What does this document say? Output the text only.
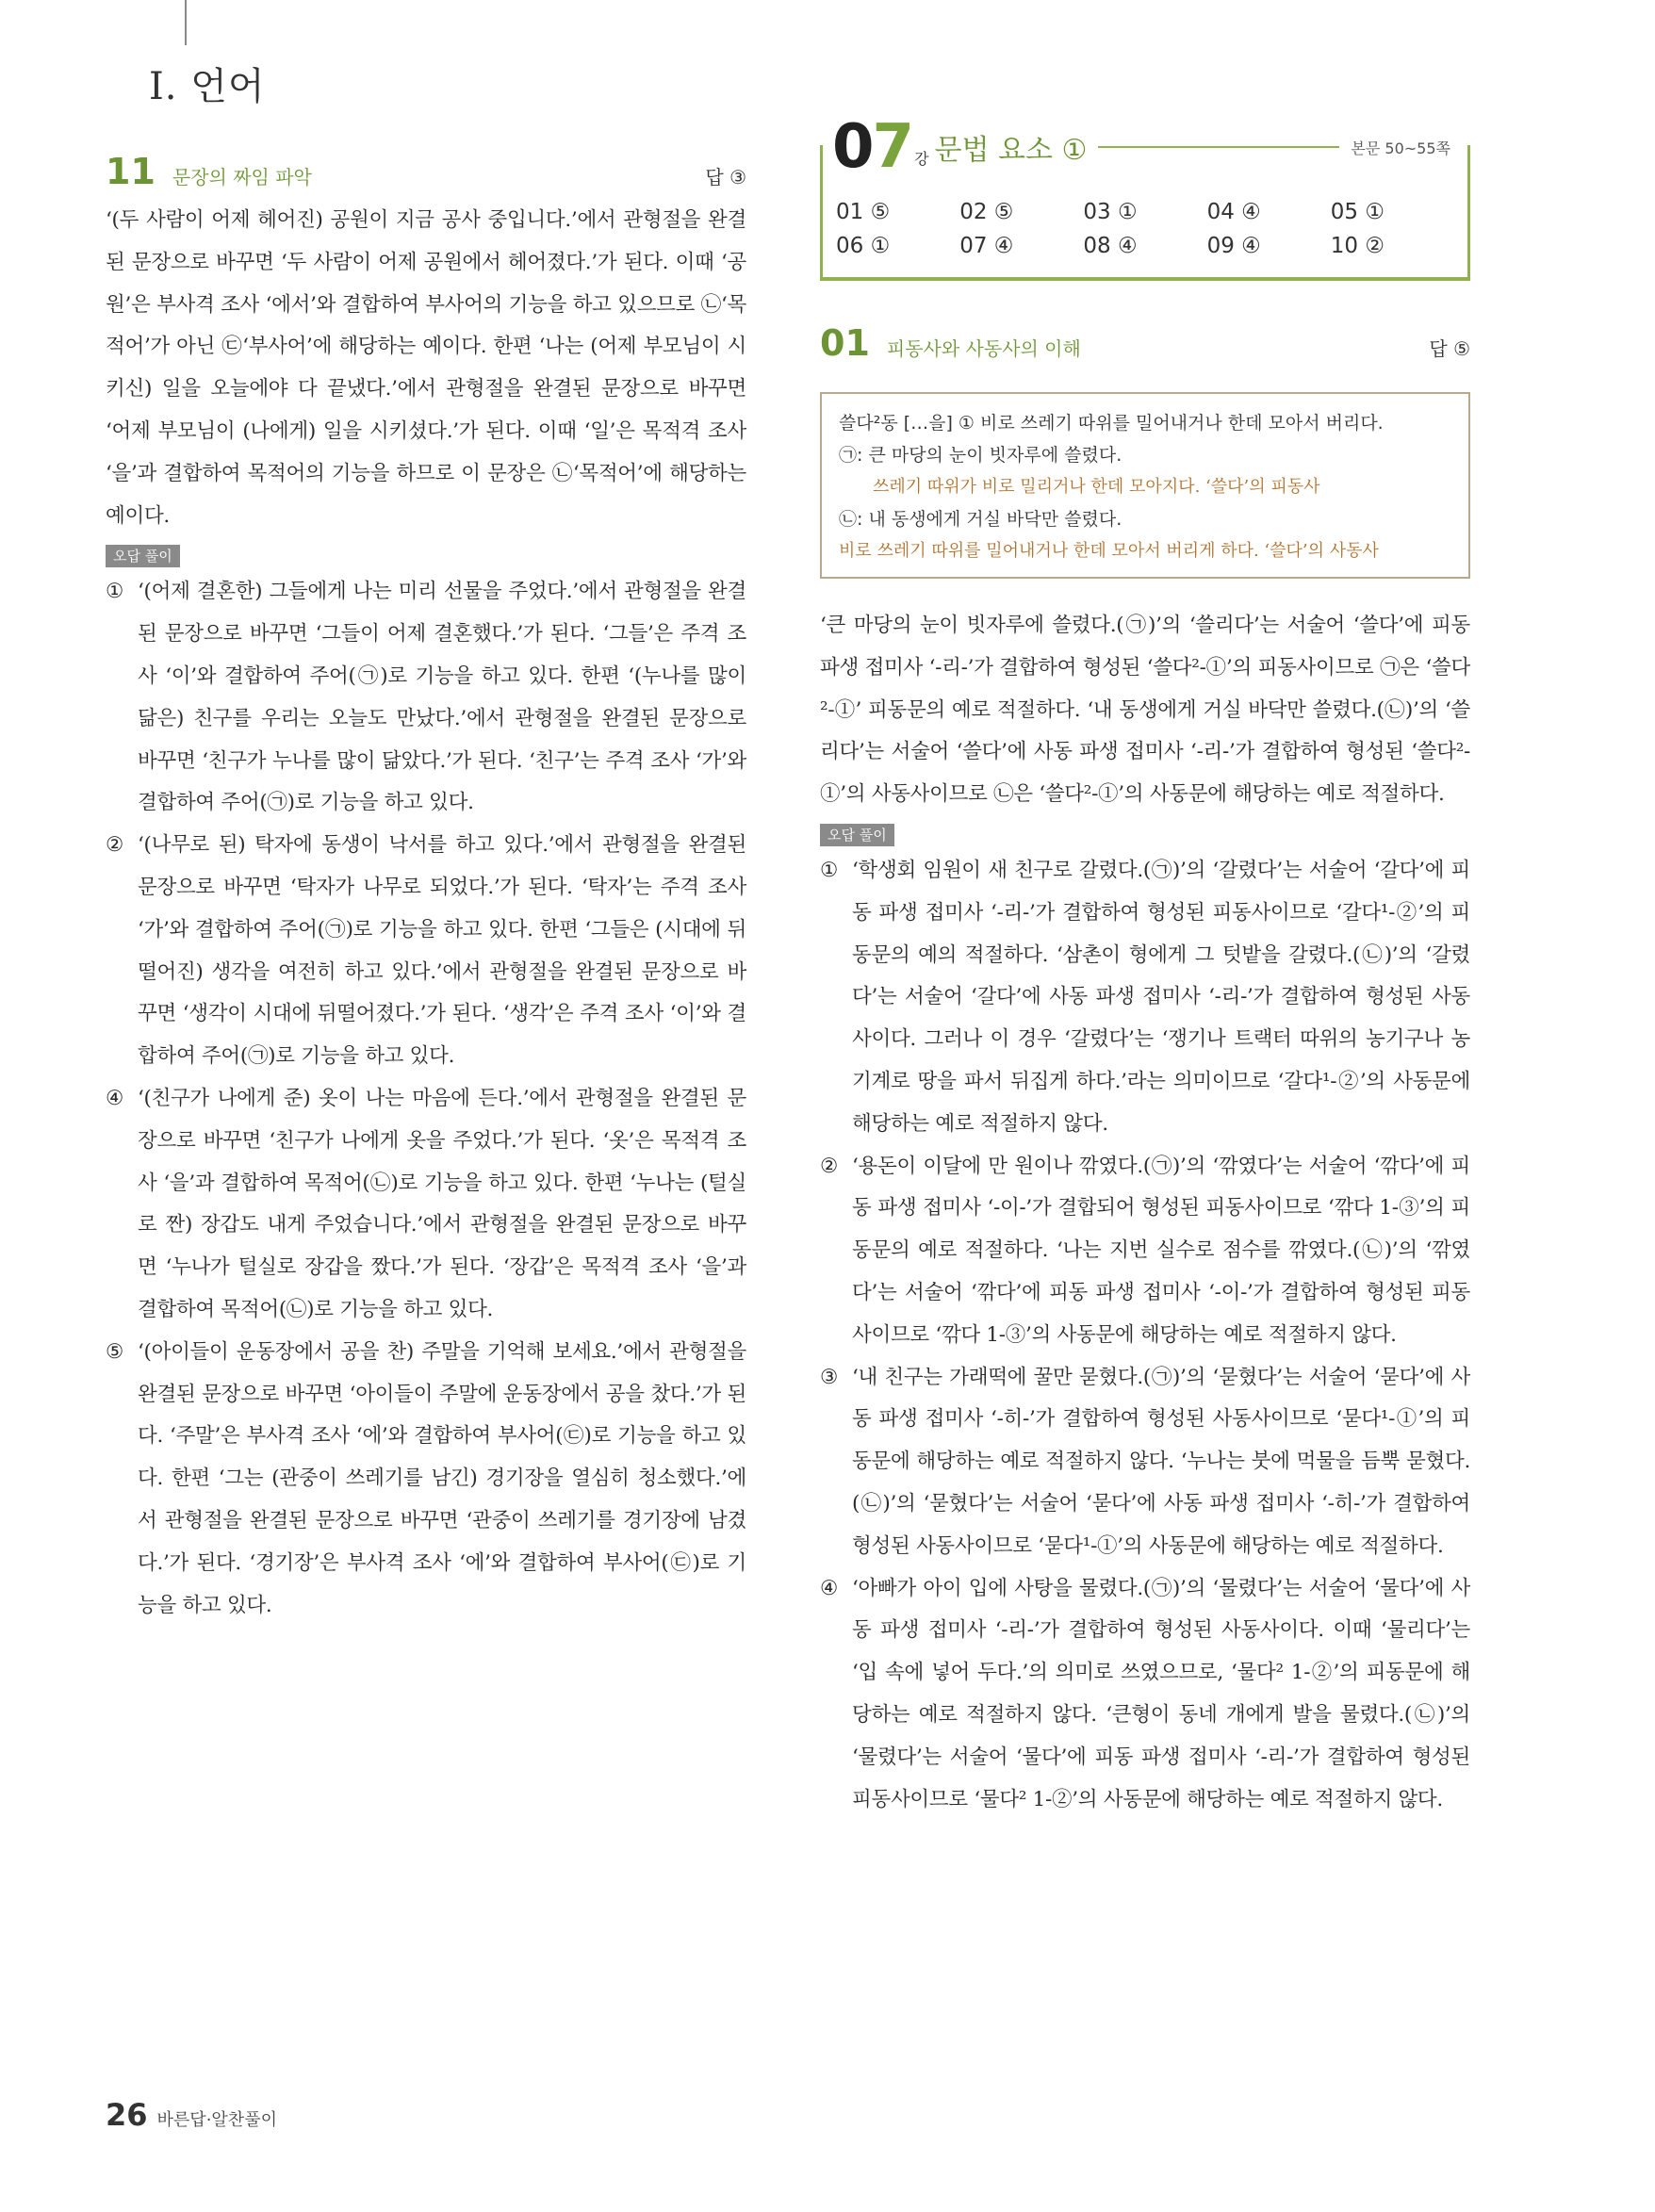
Ⅰ. 언어
11 문장의 짜임 파악	답 ③

‘(두 사람이 어제 헤어진) 공원이 지금 공사 중입니다.’에서 관형절을 완결된 문장으로 바꾸면 ‘두 사람이 어제 공원에서 헤어졌다.’가 된다. 이때 ‘공원’은 부사격 조사 ‘에서’와 결합하여 부사어의 기능을 하고 있으므로 ㉡‘목적어’가 아닌 ㉢‘부사어’에 해당하는 예이다. 한편 ‘나는 (어제 부모님이 시키신) 일을 오늘에야 다 끝냈다.’에서 관형절을 완결된 문장으로 바꾸면 ‘어제 부모님이 (나에게) 일을 시키셨다.’가 된다. 이때 ‘일’은 목적격 조사 ‘을’과 결합하여 목적어의 기능을 하므로 이 문장은 ㉡‘목적어’에 해당하는 예이다.

오답 풀이
① ‘(어제 결혼한) 그들에게 나는 미리 선물을 주었다.’에서 관형절을 완결된 문장으로 바꾸면 ‘그들이 어제 결혼했다.’가 된다. ‘그들’은 주격 조사 ‘이’와 결합하여 주어(㉠)로 기능을 하고 있다. 한편 ‘(누나를 많이 닮은) 친구를 우리는 오늘도 만났다.’에서 관형절을 완결된 문장으로 바꾸면 ‘친구가 누나를 많이 닮았다.’가 된다. ‘친구’는 주격 조사 ‘가’와 결합하여 주어(㉠)로 기능을 하고 있다.

② ‘(나무로 된) 탁자에 동생이 낙서를 하고 있다.’에서 관형절을 완결된 문장으로 바꾸면 ‘탁자가 나무로 되었다.’가 된다. ‘탁자’는 주격 조사 ‘가’와 결합하여 주어(㉠)로 기능을 하고 있다. 한편 ‘그들은 (시대에 뒤떨어진) 생각을 여전히 하고 있다.’에서 관형절을 완결된 문장으로 바꾸면 ‘생각이 시대에 뒤떨어졌다.’가 된다. ‘생각’은 주격 조사 ‘이’와 결합하여 주어(㉠)로 기능을 하고 있다.

④ ‘(친구가 나에게 준) 옷이 나는 마음에 든다.’에서 관형절을 완결된 문장으로 바꾸면 ‘친구가 나에게 옷을 주었다.’가 된다. ‘옷’은 목적격 조사 ‘을’과 결합하여 목적어(㉡)로 기능을 하고 있다. 한편 ‘누나는 (털실로 짠) 장갑도 내게 주었습니다.’에서 관형절을 완결된 문장으로 바꾸면 ‘누나가 털실로 장갑을 짰다.’가 된다. ‘장갑’은 목적격 조사 ‘을’과 결합하여 목적어(㉡)로 기능을 하고 있다.

⑤ ‘(아이들이 운동장에서 공을 찬) 주말을 기억해 보세요.’에서 관형절을 완결된 문장으로 바꾸면 ‘아이들이 주말에 운동장에서 공을 찼다.’가 된다. ‘주말’은 부사격 조사 ‘에’와 결합하여 부사어(㉢)로 기능을 하고 있다. 한편 ‘그는 (관중이 쓰레기를 남긴) 경기장을 열심히 청소했다.’에서 관형절을 완결된 문장으로 바꾸면 ‘관중이 쓰레기를 경기장에 남겼다.’가 된다. ‘경기장’은 부사격 조사 ‘에’와 결합하여 부사어(㉢)로 기능을 하고 있다.

07 강 문법 요소 ①	본문 50~55쪽
01 ⑤	02 ⑤	03 ①	04 ④	05 ①
06 ①	07 ④	08 ④	09 ④	10 ②
01 피동사와 사동사의 이해	답 ⑤
쓸다²동 […을] ① 비로 쓰레기 따위를 밀어내거나 한데 모아서 버리다.
㉠: 큰 마당의 눈이 빗자루에 쓸렸다.
쓰레기 따위가 비로 밀리거나 한데 모아지다. ‘쓸다’의 피동사
㉡: 내 동생에게 거실 바닥만 쓸렸다.
비로 쓰레기 따위를 밀어내거나 한데 모아서 버리게 하다. ‘쓸다’의 사동사

‘큰 마당의 눈이 빗자루에 쓸렸다.(㉠)’의 ‘쓸리다’는 서술어 ‘쓸다’에 피동 파생 접미사 ‘-리-’가 결합하여 형성된 ‘쓸다²-①’의 피동사이므로 ㉠은 ‘쓸다²-①’ 피동문의 예로 적절하다. ‘내 동생에게 거실 바닥만 쓸렸다.(㉡)’의 ‘쓸리다’는 서술어 ‘쓸다’에 사동 파생 접미사 ‘-리-’가 결합하여 형성된 ‘쓸다²-①’의 사동사이므로 ㉡은 ‘쓸다²-①’의 사동문에 해당하는 예로 적절하다.

오답 풀이
① ‘학생회 임원이 새 친구로 갈렸다.(㉠)’의 ‘갈렸다’는 서술어 ‘갈다’에 피동 파생 접미사 ‘-리-’가 결합하여 형성된 피동사이므로 ‘갈다¹-②’의 피동문의 예의 적절하다. ‘삼촌이 형에게 그 텃밭을 갈렸다.(㉡)’의 ‘갈렸다’는 서술어 ‘갈다’에 사동 파생 접미사 ‘-리-’가 결합하여 형성된 사동사이다. 그러나 이 경우 ‘갈렸다’는 ‘쟁기나 트랙터 따위의 농기구나 농기계로 땅을 파서 뒤집게 하다.’라는 의미이므로 ‘갈다¹-②’의 사동문에 해당하는 예로 적절하지 않다.

② ‘용돈이 이달에 만 원이나 깎였다.(㉠)’의 ‘깎였다’는 서술어 ‘깎다’에 피동 파생 접미사 ‘-이-’가 결합되어 형성된 피동사이므로 ‘깎다 1-③’의 피동문의 예로 적절하다. ‘나는 지번 실수로 점수를 깎였다.(㉡)’의 ‘깎였다’는 서술어 ‘깎다’에 피동 파생 접미사 ‘-이-’가 결합하여 형성된 피동사이므로 ‘깎다 1-③’의 사동문에 해당하는 예로 적절하지 않다.

③ ‘내 친구는 가래떡에 꿀만 묻혔다.(㉠)’의 ‘묻혔다’는 서술어 ‘묻다’에 사동 파생 접미사 ‘-히-’가 결합하여 형성된 사동사이므로 ‘묻다¹-①’의 피동문에 해당하는 예로 적절하지 않다. ‘누나는 붓에 먹물을 듬뿍 묻혔다.(㉡)’의 ‘묻혔다’는 서술어 ‘묻다’에 사동 파생 접미사 ‘-히-’가 결합하여 형성된 사동사이므로 ‘묻다¹-①’의 사동문에 해당하는 예로 적절하다.

④ ‘아빠가 아이 입에 사탕을 물렸다.(㉠)’의 ‘물렸다’는 서술어 ‘물다’에 사동 파생 접미사 ‘-리-’가 결합하여 형성된 사동사이다. 이때 ‘물리다’는 ‘입 속에 넣어 두다.’의 의미로 쓰였으므로, ‘물다² 1-②’의 피동문에 해당하는 예로 적절하지 않다. ‘큰형이 동네 개에게 발을 물렸다.(㉡)’의 ‘물렸다’는 서술어 ‘물다’에 피동 파생 접미사 ‘-리-’가 결합하여 형성된 피동사이므로 ‘물다² 1-②’의 사동문에 해당하는 예로 적절하지 않다.

26 바른답·알찬풀이
